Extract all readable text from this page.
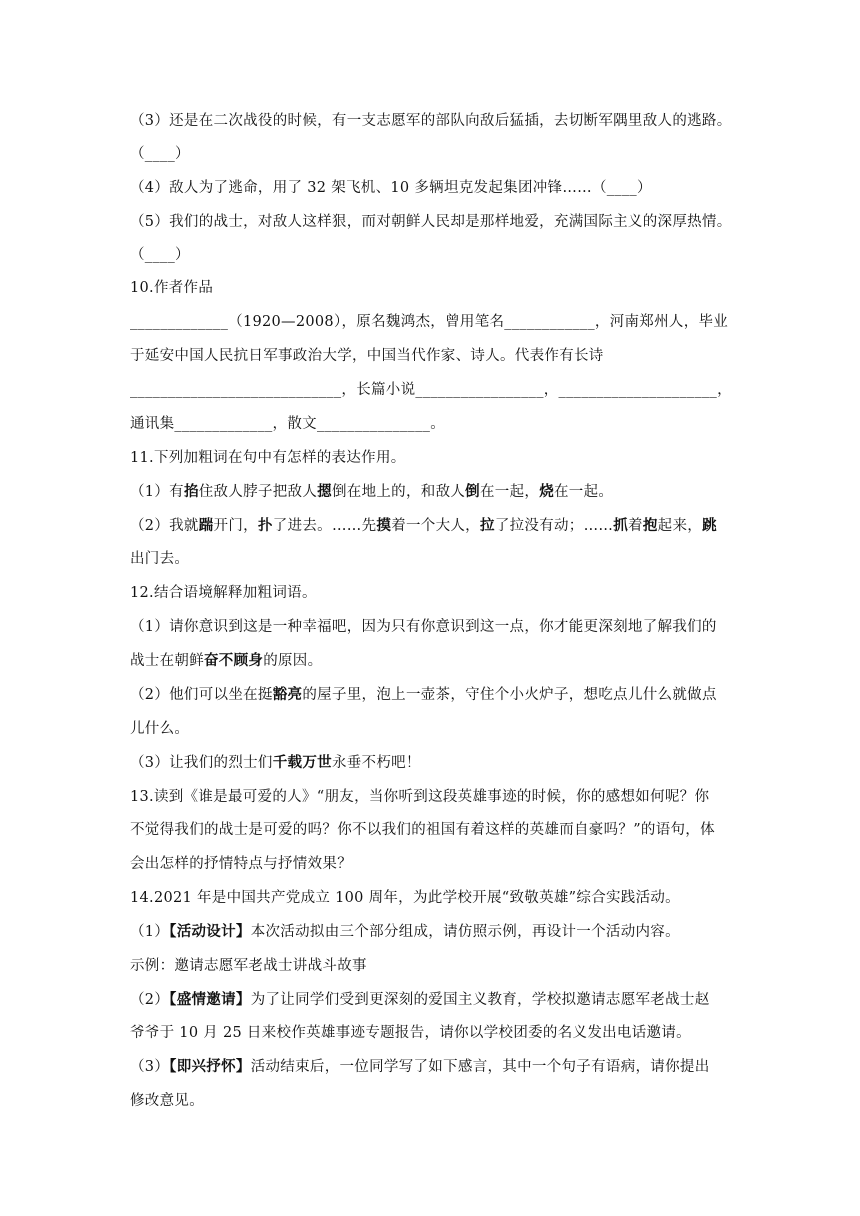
（3）还是在二次战役的时候，有一支志愿军的部队向敌后猛插，去切断军隅里敌人的逃路。
（____）
（4）敌人为了逃命，用了 32 架飞机、10 多辆坦克发起集团冲锋……（____）
（5）我们的战士，对敌人这样狠，而对朝鲜人民却是那样地爱，充满国际主义的深厚热情。
（____）
10.作者作品
_____________（1920—2008），原名魏鸿杰，曾用笔名____________，河南郑州人，毕业
于延安中国人民抗日军事政治大学，中国当代作家、诗人。代表作有长诗
____________________________，长篇小说_________________，_____________________，
通讯集_____________，散文_______________。
11.下列加粗词在句中有怎样的表达作用。
（1）有掐住敌人脖子把敌人摁倒在地上的，和敌人倒在一起，烧在一起。
（2）我就踹开门，扑了进去。……先摸着一个大人，拉了拉没有动；……抓着抱起来，跳
出门去。
12.结合语境解释加粗词语。
（1）请你意识到这是一种幸福吧，因为只有你意识到这一点，你才能更深刻地了解我们的
战士在朝鲜奋不顾身的原因。
（2）他们可以坐在挺豁亮的屋子里，泡上一壶茶，守住个小火炉子，想吃点儿什么就做点
儿什么。
（3）让我们的烈士们千载万世永垂不朽吧！
13.读到《谁是最可爱的人》“朋友，当你听到这段英雄事迹的时候，你的感想如何呢？你
不觉得我们的战士是可爱的吗？你不以我们的祖国有着这样的英雄而自豪吗？”的语句，体
会出怎样的抒情特点与抒情效果？
14.2021 年是中国共产党成立 100 周年，为此学校开展“致敬英雄”综合实践活动。
（1）【活动设计】本次活动拟由三个部分组成，请仿照示例，再设计一个活动内容。
示例：邀请志愿军老战士讲战斗故事
（2）【盛情邀请】为了让同学们受到更深刻的爱国主义教育，学校拟邀请志愿军老战士赵
爷爷于 10 月 25 日来校作英雄事迹专题报告，请你以学校团委的名义发出电话邀请。
（3）【即兴抒怀】活动结束后，一位同学写了如下感言，其中一个句子有语病，请你提出
修改意见。
